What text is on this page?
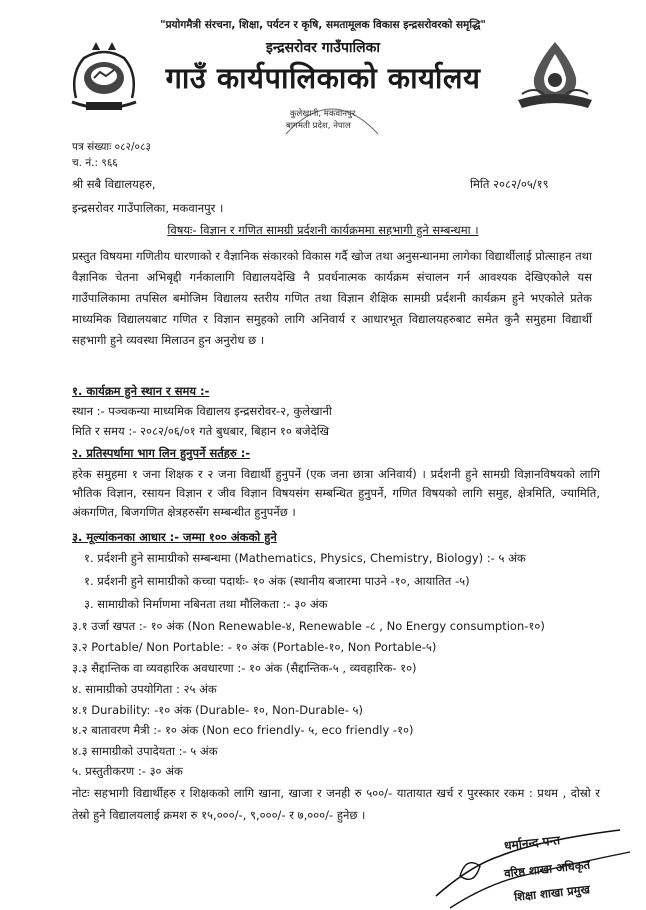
"प्रयोगमैत्री संरचना, शिक्षा, पर्यटन र कृषि, समतामूलक विकास इन्द्रसरोवरको समृद्धि"
इन्द्रसरोवर गाउँपालिका
गाउँ कार्यपालिकाको कार्यालय
कुलेखानी, मकवानपुर
बागमती प्रदेश, नेपाल
पत्र संख्याः ०८२/०८३
च. नं.: ९६६
श्री सबै विद्यालयहरु,	मिति २०८२/०५/१९
इन्द्रसरोवर गाउँपालिका, मकवानपुर ।
विषयः- विज्ञान र गणित सामग्री प्रर्दशनी कार्यक्रममा सहभागी हुने सम्बन्धमा ।
प्रस्तुत विषयमा गणितीय धारणाको र वैज्ञानिक संकारको विकास गर्दै खोज तथा अनुसन्धानमा लागेका विद्यार्थीलाई प्रोत्साहन तथा वैज्ञानिक चेतना अभिबृद्दी गर्नकालागि विद्यालयदेखि नै प्रवर्धनात्मक कार्यक्रम संचालन गर्न आवश्यक देखिएकोले यस गाउँपालिकामा तपसिल बमोजिम विद्यालय स्तरीय गणित तथा विज्ञान शैक्षिक सामग्री प्रर्दशनी कार्यक्रम हुने भएकोले प्रतेक माध्यमिक विद्यालयबाट गणित र विज्ञान समुहको लागि अनिवार्य र आधारभूत विद्यालयहरुबाट समेत कुनै समुहमा विद्यार्थी सहभागी हुने व्यवस्था मिलाउन हुन अनुरोध छ ।
१. कार्यक्रम हुने स्थान र समय :-
स्थान :- पञ्चकन्या माध्यमिक विद्यालय इन्द्रसरोवर-२, कुलेखानी
मिति र समय :- २०८२/०६/०१ गते बुधबार, बिहान १० बजेदेखि
२. प्रतिस्पर्धामा भाग लिन हुनुपर्ने सर्तहरु :-
हरेक समुहमा १ जना शिक्षक र २ जना विद्यार्थी हुनुपर्ने (एक जना छात्रा अनिवार्य) । प्रर्दशनी हुने सामग्री विज्ञानविषयको लागि भौतिक विज्ञान, रसायन विज्ञान र जीव विज्ञान विषयसंग सम्बन्धित हुनुपर्ने, गणित विषयको लागि समुह, क्षेत्रमिति, ज्यामिति, अंकगणित, बिजगणित क्षेत्रहरुसँग सम्बन्धीत हुनुपर्नेछ ।
३. मूल्यांकनका आधार :- जम्मा १०० अंकको हुने
१. प्रर्दशनी हुने सामाग्रीको सम्बन्धमा (Mathematics, Physics, Chemistry, Biology) :- ५ अंक
१. प्रर्दशनी हुने सामाग्रीको कच्चा पदार्थः- १० अंक (स्थानीय बजारमा पाउने -१०, आयातित -५)
३. सामाग्रीको निर्माणमा नबिनता तथा मौलिकता :- ३० अंक
३.१ उर्जा खपत :- १० अंक (Non Renewable-४, Renewable -८ , No Energy consumption-१०)
३.२ Portable/ Non Portable: - १० अंक (Portable-१०, Non Portable-५)
३.३ सैद्दान्तिक वा व्यवहारिक अवधारणा :- १० अंक (सैद्दान्तिक-५ , व्यवहारिक- १०)
४. सामाग्रीको उपयोगिता : २५ अंक
४.१ Durability: -१० अंक (Durable- १०, Non-Durable- ५)
४.२ बातावरण मैत्री :- १० अंक (Non eco friendly- ५, eco friendly -१०)
४.३ सामाग्रीको उपादेयता :- ५ अंक
५. प्रस्तुतीकरण :- ३० अंक
नोटः सहभागी विद्यार्थीहरु र शिक्षकको लागि खाना, खाजा र जनही रु ५००/- यातायात खर्च र पुरस्कार रकम : प्रथम , दोस्रो र तेस्रो हुने विद्यालयलाई क्रमश रु १५,०००/-, ९,०००/- र ७,०००/- हुनेछ ।
धर्मानन्द पन्त
वरिष्ठ शाखा अधिकृत
शिक्षा शाखा प्रमुख
